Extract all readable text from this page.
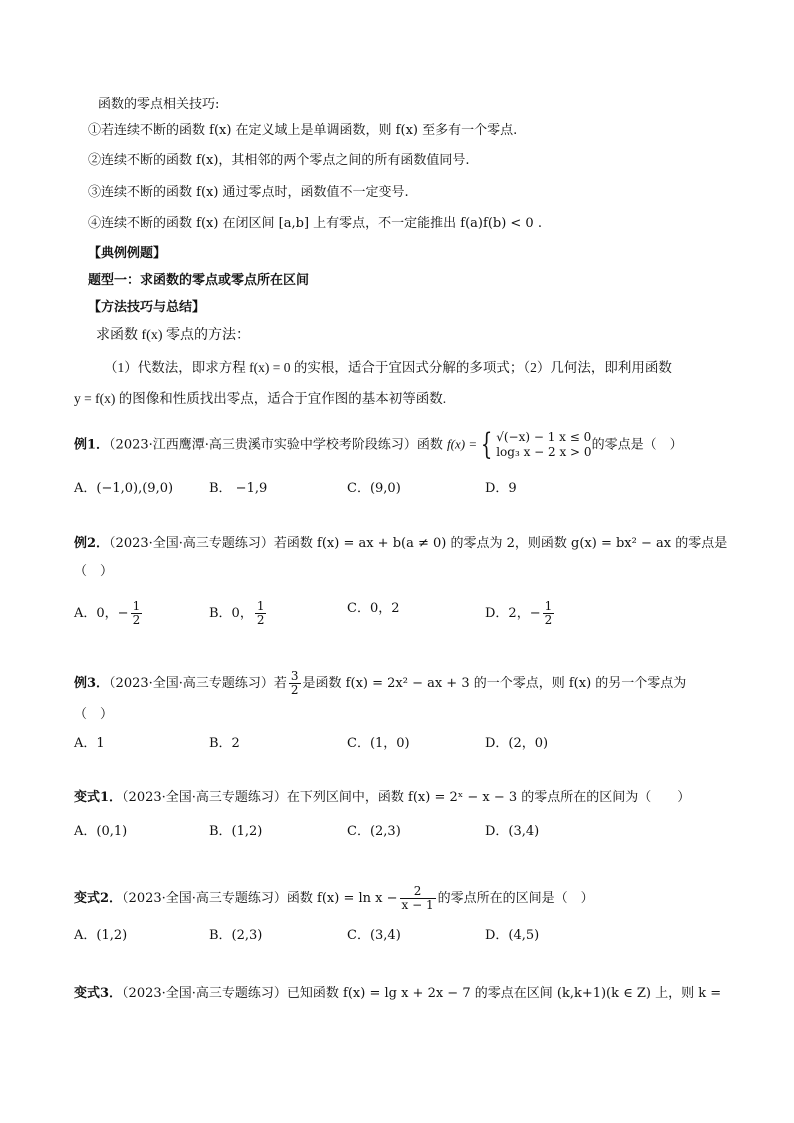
函数的零点相关技巧:
①若连续不断的函数 f(x) 在定义域上是单调函数，则 f(x) 至多有一个零点.
②连续不断的函数 f(x)，其相邻的两个零点之间的所有函数值同号.
③连续不断的函数 f(x) 通过零点时，函数值不一定变号.
④连续不断的函数 f(x) 在闭区间 [a,b] 上有零点，不一定能推出 f(a)f(b) < 0 .
【典例例题】
题型一：求函数的零点或零点所在区间
【方法技巧与总结】
求函数 f(x) 零点的方法：
（1）代数法，即求方程 f(x) = 0 的实根，适合于宜因式分解的多项式；（2）几何法，即利用函数
y = f(x) 的图像和性质找出零点，适合于宜作图的基本初等函数.
例1．（2023·江西鹰潭·高三贵溪市实验中学校考阶段练习）函数 f(x) = { √(−x) − 1 x ≤ 0
log₃ x − 2 x > 0 的零点是（　）
A．(−1,0),(9,0)	B． −1,9	C．(9,0)	D．9
例2．（2023·全国·高三专题练习）若函数 f(x) = ax + b(a ≠ 0) 的零点为 2，则函数 g(x) = bx² − ax 的零点是
（　）
A．0，− $\frac{1}{2}$	B．0， $\frac{1}{2}$	C．0，2	D．2，− $\frac{1}{2}$
例3．（2023·全国·高三专题练习）若 $\frac{3}{2}$ 是函数 f(x) = 2x² − ax + 3 的一个零点，则 f(x) 的另一个零点为
（　）
A．1	B．2	C．(1，0)	D．(2，0)
变式1．（2023·全国·高三专题练习）在下列区间中，函数 f(x) = 2ˣ − x − 3 的零点所在的区间为（　　）
A．(0,1)	B．(1,2)	C．(2,3)	D．(3,4)
变式2．（2023·全国·高三专题练习）函数 $f(x) = \ln x - \frac{2}{x - 1}$ 的零点所在的区间是（　）
A．(1,2)	B．(2,3)	C．(3,4)	D．(4,5)
变式3．（2023·全国·高三专题练习）已知函数 f(x) = lg x + 2x − 7 的零点在区间 (k,k+1)(k ∈ Z) 上，则 k =
